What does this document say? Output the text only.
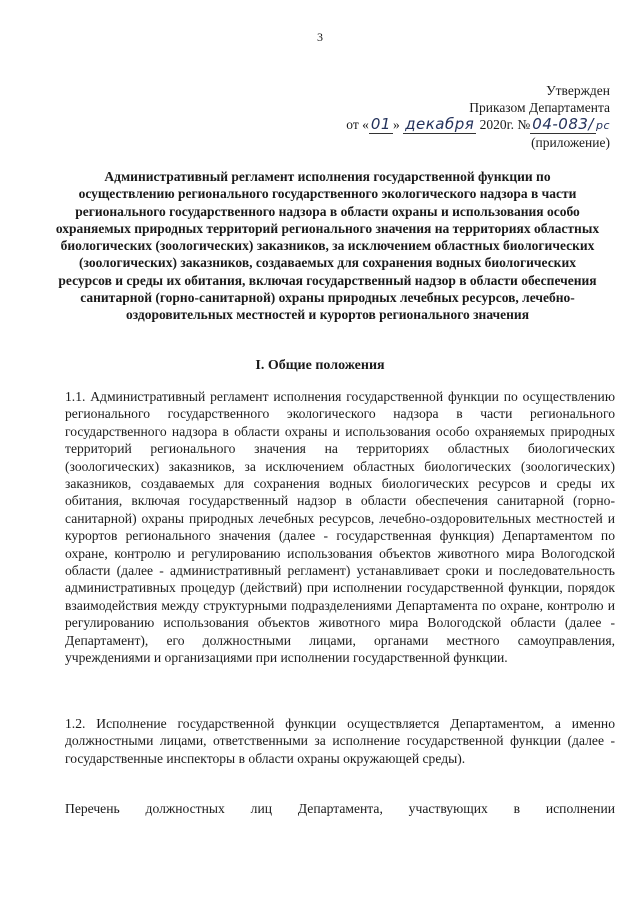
3
Утвержден
Приказом Департамента
от « 01 » декабря 2020г. № 04-083/ pc
(приложение)
Административный регламент исполнения государственной функции по осуществлению регионального государственного экологического надзора в части регионального государственного надзора в области охраны и использования особо охраняемых природных территорий регионального значения на территориях областных биологических (зоологических) заказников, за исключением областных биологических (зоологических) заказников, создаваемых для сохранения водных биологических ресурсов и среды их обитания, включая государственный надзор в области обеспечения санитарной (горно-санитарной) охраны природных лечебных ресурсов, лечебно-оздоровительных местностей и курортов регионального значения
I. Общие положения
1.1. Административный регламент исполнения государственной функции по осуществлению регионального государственного экологического надзора в части регионального государственного надзора в области охраны и использования особо охраняемых природных территорий регионального значения на территориях областных биологических (зоологических) заказников, за исключением областных биологических (зоологических) заказников, создаваемых для сохранения водных биологических ресурсов и среды их обитания, включая государственный надзор в области обеспечения санитарной (горно-санитарной) охраны природных лечебных ресурсов, лечебно-оздоровительных местностей и курортов регионального значения (далее - государственная функция) Департаментом по охране, контролю и регулированию использования объектов животного мира Вологодской области (далее - административный регламент) устанавливает сроки и последовательность административных процедур (действий) при исполнении государственной функции, порядок взаимодействия между структурными подразделениями Департамента по охране, контролю и регулированию использования объектов животного мира Вологодской области (далее - Департамент), его должностными лицами, органами местного самоуправления, учреждениями и организациями при исполнении государственной функции.
1.2. Исполнение государственной функции осуществляется Департаментом, а именно должностными лицами, ответственными за исполнение государственной функции (далее - государственные инспекторы в области охраны окружающей среды).
Перечень должностных лиц Департамента, участвующих в исполнении
